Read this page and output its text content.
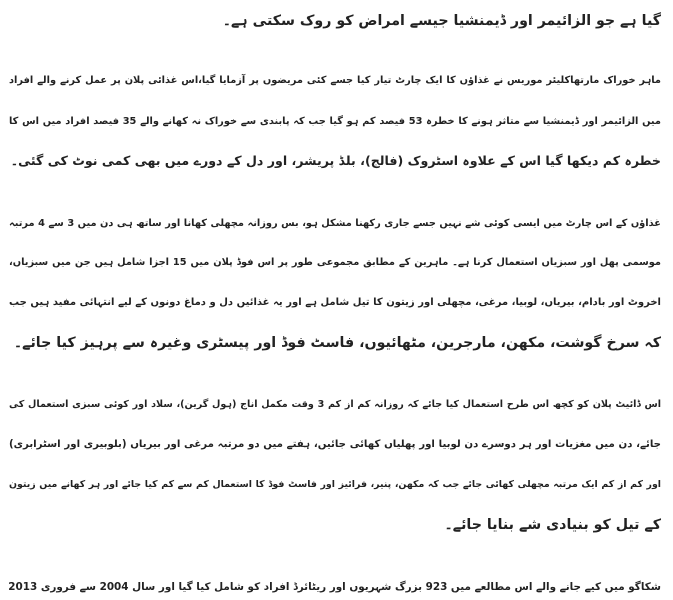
گیا ہے جو الزائیمر اور ڈیمنشیا جیسے امراض کو روک سکتی ہے۔
ماہر خوراک مارتھاکلیئر موریس نے غذاؤں کا ایک چارٹ تیار کیا جسے کئی مریضوں پر آزمایا گیا،اس غذائی پلان پر عمل کرنے والے افراد
میں الزائیمر اور ڈیمنشیا سے متاثر ہونے کا خطرہ 53 فیصد کم ہو گیا جب کہ پابندی سے خوراک نہ کھانے والے 35 فیصد افراد میں اس کا
خطرہ کم دیکھا گیا اس کے علاوہ اسٹروک (فالج)، بلڈ پریشر، اور دل کے دورے میں بھی کمی نوٹ کی گئی۔
غذاؤں کے اس چارٹ میں ایسی کوئی شے نہیں جسے جاری رکھنا مشکل ہو، بس روزانہ مچھلی کھانا اور ساتھ ہی دن میں 3 سے 4 مرتبہ
موسمی پھل اور سبزیاں استعمال کرنا ہے۔ ماہرین کے مطابق مجموعی طور پر اس فوڈ پلان میں 15 اجزا شامل ہیں جن میں سبزیاں،
اخروٹ اور بادام، بیریاں، لوبیا، مرغی، مچھلی اور زیتون کا تیل شامل ہے اور یہ غذائیں دل و دماغ دونوں کے لیے انتہائی مفید ہیں جب
کہ سرخ گوشت، مکھن، مارجرین، مٹھائیوں، فاسٹ فوڈ اور پیسٹری وغیرہ سے پرہیز کیا جائے۔
اس ڈائیٹ پلان کو کچھ اس طرح استعمال کیا جائے کہ روزانہ کم از کم 3 وقت مکمل اناج (ہول گرین)، سلاد اور کوئی سبزی استعمال کی
جائے، دن میں مغزیات اور ہر دوسرے دن لوبیا اور پھلیاں کھائی جائیں، ہفتے میں دو مرتبہ مرغی اور بیریاں (بلوبیری اور اسٹرابری)
اور کم از کم ایک مرتبہ مچھلی کھائی جائے جب کہ مکھن، پنیر، فرائیز اور فاسٹ فوڈ کا استعمال کم سے کم کیا جائے اور ہر کھانے میں زیتون
کے تیل کو بنیادی شے بنایا جائے۔
شکاگو میں کیے جانے والے اس مطالعے میں 923 بزرگ شہریوں اور ریٹائرڈ افراد کو شامل کیا گیا اور سال 2004 سے فروری 2013
